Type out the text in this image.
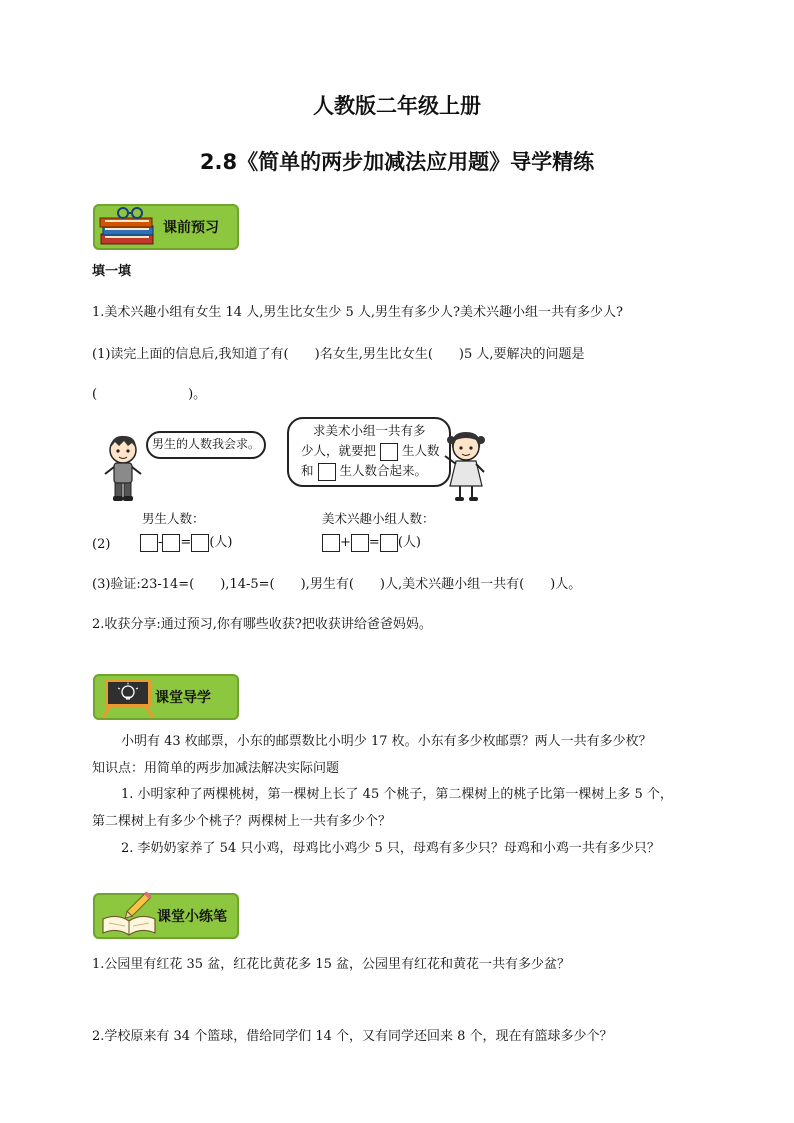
人教版二年级上册
2.8《简单的两步加减法应用题》导学精练
课前预习
填一填
1.美术兴趣小组有女生 14 人,男生比女生少 5 人,男生有多少人?美术兴趣小组一共有多少人?
(1)读完上面的信息后,我知道了有(　　)名女生,男生比女生(　　)5 人,要解决的问题是
(　　　　　　　)。
男生的人数我会求。
求美术小组一共有多
少人，就要把 生人数
和 生人数合起来。
男生人数：	美术兴趣小组人数：
(2)	- = (人)	+ = (人)
(3)验证:23-14=(　　),14-5=(　　),男生有(　　)人,美术兴趣小组一共有(　　)人。
2.收获分享:通过预习,你有哪些收获?把收获讲给爸爸妈妈。
课堂导学
小明有 43 枚邮票，小东的邮票数比小明少 17 枚。小东有多少枚邮票？两人一共有多少枚？
知识点：用简单的两步加减法解决实际问题
1. 小明家种了两棵桃树，第一棵树上长了 45 个桃子，第二棵树上的桃子比第一棵树上多 5 个，
第二棵树上有多少个桃子？两棵树上一共有多少个？
2. 李奶奶家养了 54 只小鸡，母鸡比小鸡少 5 只，母鸡有多少只？母鸡和小鸡一共有多少只？
课堂小练笔
1.公园里有红花 35 盆，红花比黄花多 15 盆，公园里有红花和黄花一共有多少盆？
2.学校原来有 34 个篮球，借给同学们 14 个，又有同学还回来 8 个，现在有篮球多少个？
